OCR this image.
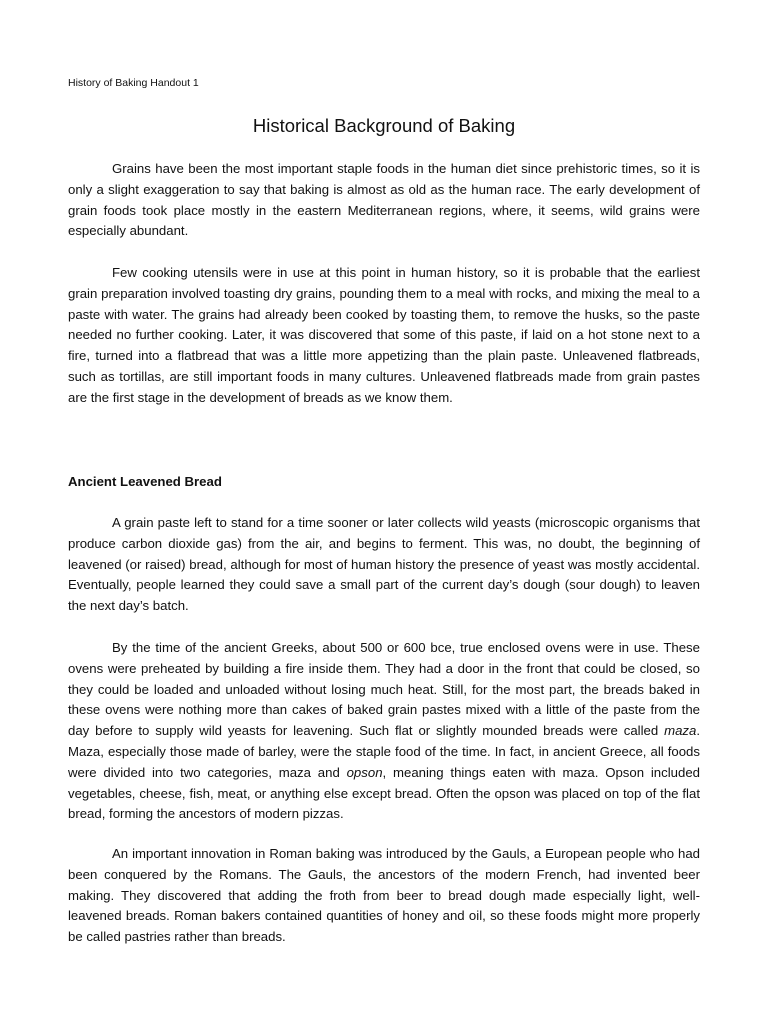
History of Baking Handout 1
Historical Background of Baking

Grains have been the most important staple foods in the human diet since prehistoric times, so it is only a slight exaggeration to say that baking is almost as old as the human race. The early development of grain foods took place mostly in the eastern Mediterranean regions, where, it seems, wild grains were especially abundant.

Few cooking utensils were in use at this point in human history, so it is probable that the earliest grain preparation involved toasting dry grains, pounding them to a meal with rocks, and mixing the meal to a paste with water. The grains had already been cooked by toasting them, to remove the husks, so the paste needed no further cooking. Later, it was discovered that some of this paste, if laid on a hot stone next to a fire, turned into a flatbread that was a little more appetizing than the plain paste. Unleavened flatbreads, such as tortillas, are still important foods in many cultures. Unleavened flatbreads made from grain pastes are the first stage in the development of breads as we know them.

Ancient Leavened Bread

A grain paste left to stand for a time sooner or later collects wild yeasts (microscopic organisms that produce carbon dioxide gas) from the air, and begins to ferment. This was, no doubt, the beginning of leavened (or raised) bread, although for most of human history the presence of yeast was mostly accidental. Eventually, people learned they could save a small part of the current day’s dough (sour dough) to leaven the next day’s batch.

By the time of the ancient Greeks, about 500 or 600 bce, true enclosed ovens were in use. These ovens were preheated by building a fire inside them. They had a door in the front that could be closed, so they could be loaded and unloaded without losing much heat. Still, for the most part, the breads baked in these ovens were nothing more than cakes of baked grain pastes mixed with a little of the paste from the day before to supply wild yeasts for leavening. Such flat or slightly mounded breads were called maza. Maza, especially those made of barley, were the staple food of the time. In fact, in ancient Greece, all foods were divided into two categories, maza and opson, meaning things eaten with maza. Opson included vegetables, cheese, fish, meat, or anything else except bread. Often the opson was placed on top of the flat bread, forming the ancestors of modern pizzas.

An important innovation in Roman baking was introduced by the Gauls, a European people who had been conquered by the Romans. The Gauls, the ancestors of the modern French, had invented beer making. They discovered that adding the froth from beer to bread dough made especially light, well-leavened breads. Roman bakers contained quantities of honey and oil, so these foods might more properly be called pastries rather than breads.
